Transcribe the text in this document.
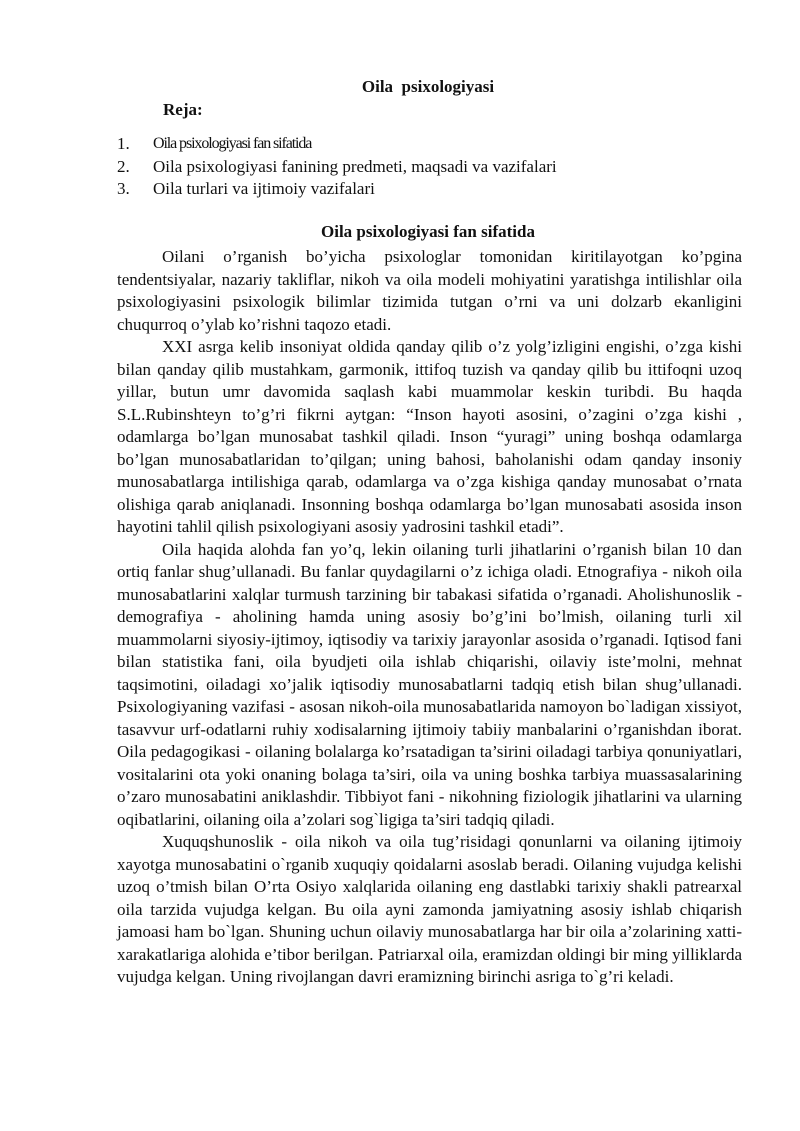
Oila  psixologiyasi
Reja:
1.	Oila psixologiyasi fan sifatida
2.	Oila psixologiyasi fanining predmeti, maqsadi va vazifalari
3.	Oila turlari va ijtimoiy vazifalari
Oila psixologiyasi fan sifatida

Oilani o’rganish bo’yicha psixologlar tomonidan kiritilayotgan ko’pgina tendentsiyalar, nazariy takliflar, nikoh va oila modeli mohiyatini yaratishga intilishlar oila psixologiyasini psixologik bilimlar tizimida tutgan o’rni va uni dolzarb ekanligini chuqurroq o’ylab ko’rishni taqozo etadi.

XXI asrga kelib insoniyat oldida qanday qilib o’z yolg’izligini engishi, o’zga kishi bilan qanday qilib mustahkam, garmonik, ittifoq tuzish va qanday qilib bu ittifoqni uzoq yillar, butun umr davomida saqlash kabi muammolar keskin turibdi. Bu haqda S.L.Rubinshteyn to’g’ri fikrni aytgan: “Inson hayoti asosini, o’zagini o’zga kishi , odamlarga bo’lgan munosabat tashkil qiladi. Inson “yuragi” uning boshqa odamlarga bo’lgan munosabatlaridan to’qilgan; uning bahosi, baholanishi odam qanday insoniy munosabatlarga intilishiga qarab, odamlarga va o’zga kishiga qanday munosabat o’rnata olishiga qarab aniqlanadi. Insonning boshqa odamlarga bo’lgan munosabati asosida inson hayotini tahlil qilish psixologiyani asosiy yadrosini tashkil etadi”.

Oila haqida alohda fan yo’q, lekin oilaning turli jihatlarini o’rganish bilan 10 dan ortiq fanlar shug’ullanadi. Bu fanlar quydagilarni o’z ichiga oladi. Etnografiya - nikoh oila munosabatlarini xalqlar turmush tarzining bir tabakasi sifatida o’rganadi. Aholishunoslik - demografiya - aholining hamda uning asosiy bo’g’ini bo’lmish, oilaning turli xil muammolarni siyosiy-ijtimoy, iqtisodiy va tarixiy jarayonlar asosida o’rganadi. Iqtisod fani bilan statistika fani, oila byudjeti oila ishlab chiqarishi, oilaviy iste’molni, mehnat taqsimotini, oiladagi xo’jalik iqtisodiy munosabatlarni tadqiq etish bilan shug’ullanadi. Psixologiyaning vazifasi - asosan nikoh-oila munosabatlarida namoyon bo`ladigan xissiyot, tasavvur urf-odatlarni ruhiy xodisalarning ijtimoiy tabiiy manbalarini o’rganishdan iborat. Oila pedagogikasi - oilaning bolalarga ko’rsatadigan ta’sirini oiladagi tarbiya qonuniyatlari, vositalarini ota yoki onaning bolaga ta’siri, oila va uning boshka tarbiya muassasalarining o’zaro munosabatini aniklashdir. Tibbiyot fani - nikohning fiziologik jihatlarini va ularning oqibatlarini, oilaning oila a’zolari sog`ligiga ta’siri tadqiq qiladi.

Xuquqshunoslik - oila nikoh va oila tug’risidagi qonunlarni va oilaning ijtimoiy xayotga munosabatini o`rganib xuquqiy qoidalarni asoslab beradi. Oilaning vujudga kelishi uzoq o’tmish bilan O’rta Osiyo xalqlarida oilaning eng dastlabki tarixiy shakli patrearxal oila tarzida vujudga kelgan. Bu oila ayni zamonda jamiyatning asosiy ishlab chiqarish jamoasi ham bo`lgan. Shuning uchun oilaviy munosabatlarga har bir oila a’zolarining xatti-xarakatlariga alohida e’tibor berilgan. Patriarxal oila, eramizdan oldingi bir ming yilliklarda vujudga kelgan. Uning rivojlangan davri eramizning birinchi asriga to`g’ri keladi.
